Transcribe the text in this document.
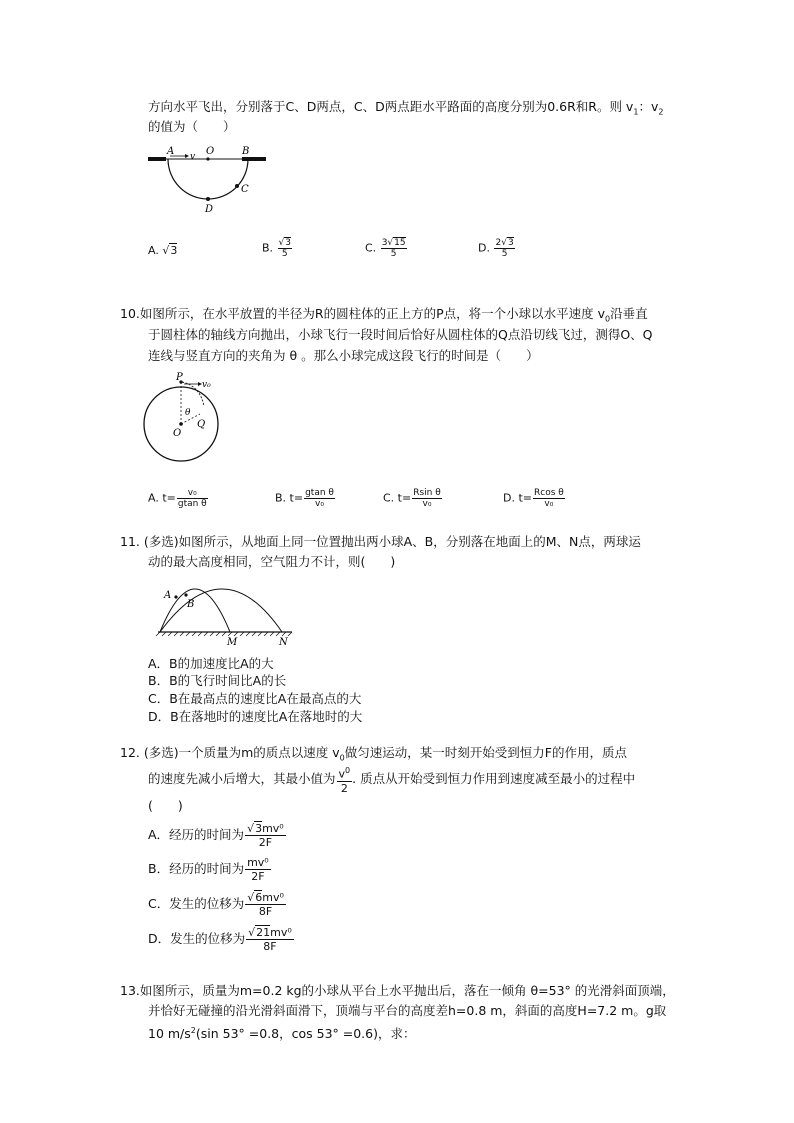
方向水平飞出，分别落于C、D两点，C、D两点距水平路面的高度分别为0.6R和R。则 $v_1$：$v_2$
的值为（　　）
A v O	B
C
D
A. √3	B. $\frac{√3}{5}$	C. $\frac{3√15}{5}$	D. $\frac{2√3}{5}$
10.如图所示，在水平放置的半径为R的圆柱体的正上方的P点，将一个小球以水平速度 $v_0$沿垂直
于圆柱体的轴线方向抛出，小球飞行一段时间后恰好从圆柱体的Q点沿切线飞过，测得O、Q
连线与竖直方向的夹角为 θ 。那么小球完成这段飞行的时间是（　　）
P
v₀
θ
O
Q
A. $t= \frac{\text{v₀}}{\text{gtan θ}}$	B. $t= \frac{\text{gtan θ}}{\text{v₀}}$	C. $t= \frac{\text{Rsin θ}}{\text{v₀}}$	D. $t= \frac{\text{Rcos θ}}{\text{v₀}}$
11. (多选)如图所示，从地面上同一位置抛出两小球A、B，分别落在地面上的M、N点，两球运
动的最大高度相同，空气阻力不计，则(　　)
A
B
M	N
A．B的加速度比A的大
B．B的飞行时间比A的长
C．B在最高点的速度比A在最高点的大
D．B在落地时的速度比A在落地时的大
12. (多选)一个质量为m的质点以速度 $v_0$做匀速运动，某一时刻开始受到恒力F的作用，质点
的速度先减小后增大，其最小值为 $\frac{v^0}{2}$ . 质点从开始受到恒力作用到速度减至最小的过程中
(　　)
A．经历的时间为 $\frac{\text{√3mv⁰}}{2F}$
B．经历的时间为 $\frac{\text{mv⁰}}{2F}$
C．发生的位移为 $\frac{\text{√6mv⁰}}{8F}$
D．发生的位移为 $\frac{\text{√21mv⁰}}{8F}$
13.如图所示，质量为m=0.2 kg的小球从平台上水平抛出后，落在一倾角 θ=53° 的光滑斜面顶端，
并恰好无碰撞的沿光滑斜面滑下，顶端与平台的高度差h=0.8 m，斜面的高度H=7.2 m。g取
10 $m/s^2(\sin$ 53° =0.8，cos 53° =0.6)，求：
